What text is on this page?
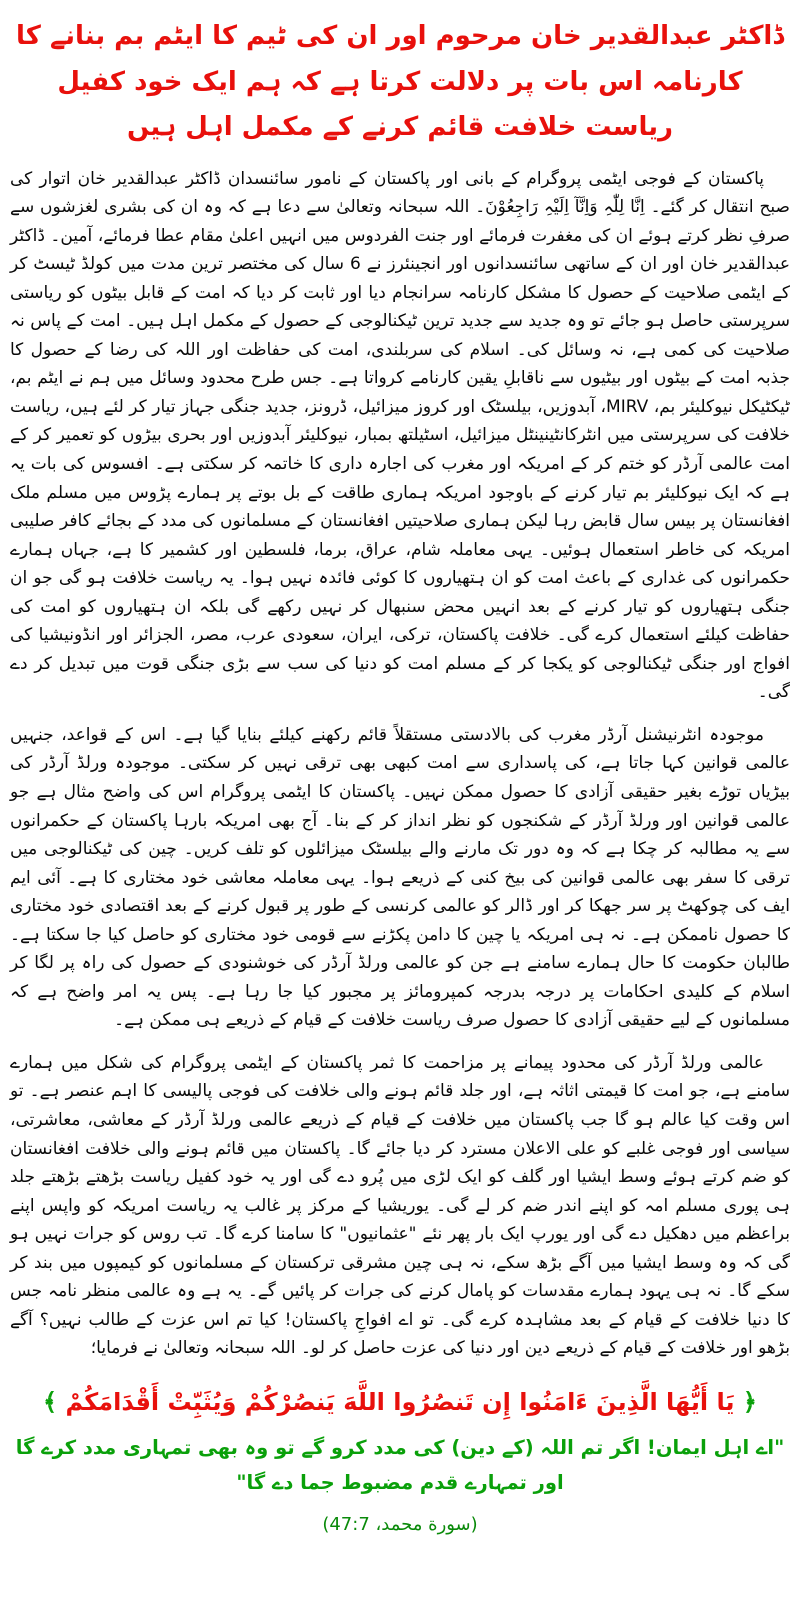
ڈاکٹر عبدالقدیر خان مرحوم اور ان کی ٹیم کا ایٹم بم بنانے کا کارنامہ اس بات پر دلالت کرتا ہے کہ ہم ایک خود کفیل ریاست خلافت قائم کرنے کے مکمل اہل ہیں

پاکستان کے فوجی ایٹمی پروگرام کے بانی اور پاکستان کے نامور سائنسدان ڈاکٹر عبدالقدیر خان اتوار کی صبح انتقال کر گئے۔ اِنَّا لِلّٰہِ وَاِنَّآ اِلَیْہِ رَاجِعُوْنَ۔ اللہ سبحانہ وتعالیٰ سے دعا ہے کہ وہ ان کی بشری لغزشوں سے صرفِ نظر کرتے ہوئے ان کی مغفرت فرمائے اور جنت الفردوس میں انہیں اعلیٰ مقام عطا فرمائے، آمین۔ ڈاکٹر عبدالقدیر خان اور ان کے ساتھی سائنسدانوں اور انجینئرز نے 6 سال کی مختصر ترین مدت میں کولڈ ٹیسٹ کر کے ایٹمی صلاحیت کے حصول کا مشکل کارنامہ سرانجام دیا اور ثابت کر دیا کہ امت کے قابل بیٹوں کو ریاستی سرپرستی حاصل ہو جائے تو وہ جدید سے جدید ترین ٹیکنالوجی کے حصول کے مکمل اہل ہیں۔ امت کے پاس نہ صلاحیت کی کمی ہے، نہ وسائل کی۔ اسلام کی سربلندی، امت کی حفاظت اور اللہ کی رضا کے حصول کا جذبہ امت کے بیٹوں اور بیٹیوں سے ناقابلِ یقین کارنامے کرواتا ہے۔ جس طرح محدود وسائل میں ہم نے ایٹم بم، ٹیکٹیکل نیوکلیئر بم، MIRV، آبدوزیں، بیلسٹک اور کروز میزائیل، ڈرونز، جدید جنگی جہاز تیار کر لئے ہیں، ریاست خلافت کی سرپرستی میں انٹرکانٹینینٹل میزائیل، اسٹیلتھ بمبار، نیوکلیئر آبدوزیں اور بحری بیڑوں کو تعمیر کر کے امت عالمی آرڈر کو ختم کر کے امریکہ اور مغرب کی اجارہ داری کا خاتمہ کر سکتی ہے۔ افسوس کی بات یہ ہے کہ ایک نیوکلیئر بم تیار کرنے کے باوجود امریکہ ہماری طاقت کے بل بوتے پر ہمارے پڑوس میں مسلم ملک افغانستان پر بیس سال قابض رہا لیکن ہماری صلاحیتیں افغانستان کے مسلمانوں کی مدد کے بجائے کافر صلیبی امریکہ کی خاطر استعمال ہوئیں۔ یہی معاملہ شام، عراق، برما، فلسطین اور کشمیر کا ہے، جہاں ہمارے حکمرانوں کی غداری کے باعث امت کو ان ہتھیاروں کا کوئی فائدہ نہیں ہوا۔ یہ ریاست خلافت ہو گی جو ان جنگی ہتھیاروں کو تیار کرنے کے بعد انہیں محض سنبھال کر نہیں رکھے گی بلکہ ان ہتھیاروں کو امت کی حفاظت کیلئے استعمال کرے گی۔ خلافت پاکستان، ترکی، ایران، سعودی عرب، مصر، الجزائر اور انڈونیشیا کی افواج اور جنگی ٹیکنالوجی کو یکجا کر کے مسلم امت کو دنیا کی سب سے بڑی جنگی قوت میں تبدیل کر دے گی۔

موجودہ انٹرنیشنل آرڈر مغرب کی بالادستی مستقلاً قائم رکھنے کیلئے بنایا گیا ہے۔ اس کے قواعد، جنہیں عالمی قوانین کہا جاتا ہے، کی پاسداری سے امت کبھی بھی ترقی نہیں کر سکتی۔ موجودہ ورلڈ آرڈر کی بیڑیاں توڑے بغیر حقیقی آزادی کا حصول ممکن نہیں۔ پاکستان کا ایٹمی پروگرام اس کی واضح مثال ہے جو عالمی قوانین اور ورلڈ آرڈر کے شکنجوں کو نظر انداز کر کے بنا۔ آج بھی امریکہ بارہا پاکستان کے حکمرانوں سے یہ مطالبہ کر چکا ہے کہ وہ دور تک مارنے والے بیلسٹک میزائلوں کو تلف کریں۔ چین کی ٹیکنالوجی میں ترقی کا سفر بھی عالمی قوانین کی بیخ کنی کے ذریعے ہوا۔ یہی معاملہ معاشی خود مختاری کا ہے۔ آئی ایم ایف کی چوکھٹ پر سر جھکا کر اور ڈالر کو عالمی کرنسی کے طور پر قبول کرنے کے بعد اقتصادی خود مختاری کا حصول ناممکن ہے۔ نہ ہی امریکہ یا چین کا دامن پکڑنے سے قومی خود مختاری کو حاصل کیا جا سکتا ہے۔ طالبان حکومت کا حال ہمارے سامنے ہے جن کو عالمی ورلڈ آرڈر کی خوشنودی کے حصول کی راہ پر لگا کر اسلام کے کلیدی احکامات پر درجہ بدرجہ کمپرومائز پر مجبور کیا جا رہا ہے۔ پس یہ امر واضح ہے کہ مسلمانوں کے لیے حقیقی آزادی کا حصول صرف ریاست خلافت کے قیام کے ذریعے ہی ممکن ہے۔

عالمی ورلڈ آرڈر کی محدود پیمانے پر مزاحمت کا ثمر پاکستان کے ایٹمی پروگرام کی شکل میں ہمارے سامنے ہے، جو امت کا قیمتی اثاثہ ہے، اور جلد قائم ہونے والی خلافت کی فوجی پالیسی کا اہم عنصر ہے۔ تو اس وقت کیا عالم ہو گا جب پاکستان میں خلافت کے قیام کے ذریعے عالمی ورلڈ آرڈر کے معاشی، معاشرتی، سیاسی اور فوجی غلبے کو علی الاعلان مسترد کر دیا جائے گا۔ پاکستان میں قائم ہونے والی خلافت افغانستان کو ضم کرتے ہوئے وسط ایشیا اور گلف کو ایک لڑی میں پُرو دے گی اور یہ خود کفیل ریاست بڑھتے بڑھتے جلد ہی پوری مسلم امہ کو اپنے اندر ضم کر لے گی۔ یوریشیا کے مرکز پر غالب یہ ریاست امریکہ کو واپس اپنے براعظم میں دھکیل دے گی اور یورپ ایک بار پھر نئے "عثمانیوں" کا سامنا کرے گا۔ تب روس کو جرات نہیں ہو گی کہ وہ وسط ایشیا میں آگے بڑھ سکے، نہ ہی چین مشرقی ترکستان کے مسلمانوں کو کیمپوں میں بند کر سکے گا۔ نہ ہی یہود ہمارے مقدسات کو پامال کرنے کی جرات کر پائیں گے۔ یہ ہے وہ عالمی منظر نامہ جس کا دنیا خلافت کے قیام کے بعد مشاہدہ کرے گی۔ تو اے افواجِ پاکستان! کیا تم اس عزت کے طالب نہیں؟ آگے بڑھو اور خلافت کے قیام کے ذریعے دین اور دنیا کی عزت حاصل کر لو۔ اللہ سبحانہ وتعالیٰ نے فرمایا؛

﴿ يَا أَيُّهَا الَّذِينَ ءَامَنُوا إِن تَنصُرُوا اللَّهَ يَنصُرْكُمْ وَيُثَبِّتْ أَقْدَامَكُمْ ﴾
"اے اہل ایمان! اگر تم اللہ (کے دین) کی مدد کرو گے تو وہ بھی تمہاری مدد کرے گا اور تمہارے قدم مضبوط جما دے گا"
(سورة محمد، 47:7)
